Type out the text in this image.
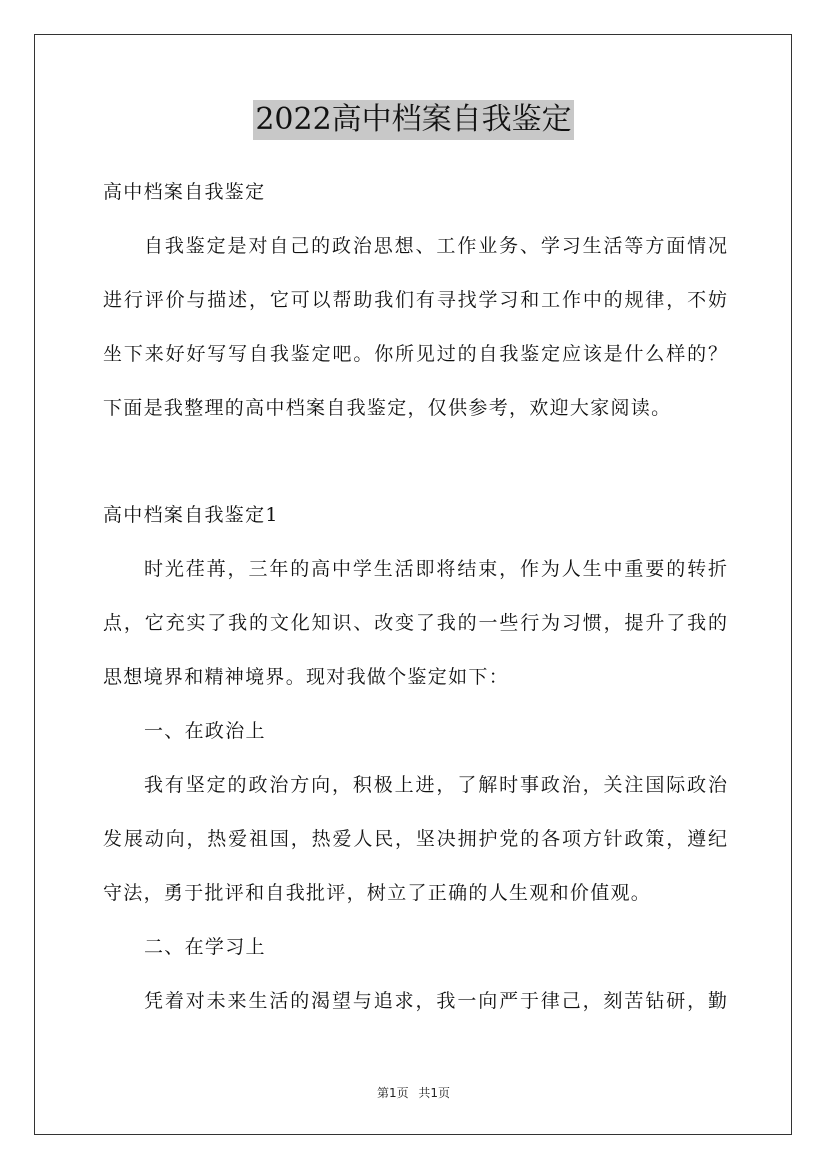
2022高中档案自我鉴定
高中档案自我鉴定
自我鉴定是对自己的政治思想、工作业务、学习生活等方面情况
进行评价与描述，它可以帮助我们有寻找学习和工作中的规律，不妨
坐下来好好写写自我鉴定吧。你所见过的自我鉴定应该是什么样的？
下面是我整理的高中档案自我鉴定，仅供参考，欢迎大家阅读。
高中档案自我鉴定1
时光荏苒，三年的高中学生活即将结束，作为人生中重要的转折
点，它充实了我的文化知识、改变了我的一些行为习惯，提升了我的
思想境界和精神境界。现对我做个鉴定如下：
一、在政治上
我有坚定的政治方向，积极上进，了解时事政治，关注国际政治
发展动向，热爱祖国，热爱人民，坚决拥护党的各项方针政策，遵纪
守法，勇于批评和自我批评，树立了正确的人生观和价值观。
二、在学习上
凭着对未来生活的渴望与追求，我一向严于律己，刻苦钻研，勤
第1页 共1页
